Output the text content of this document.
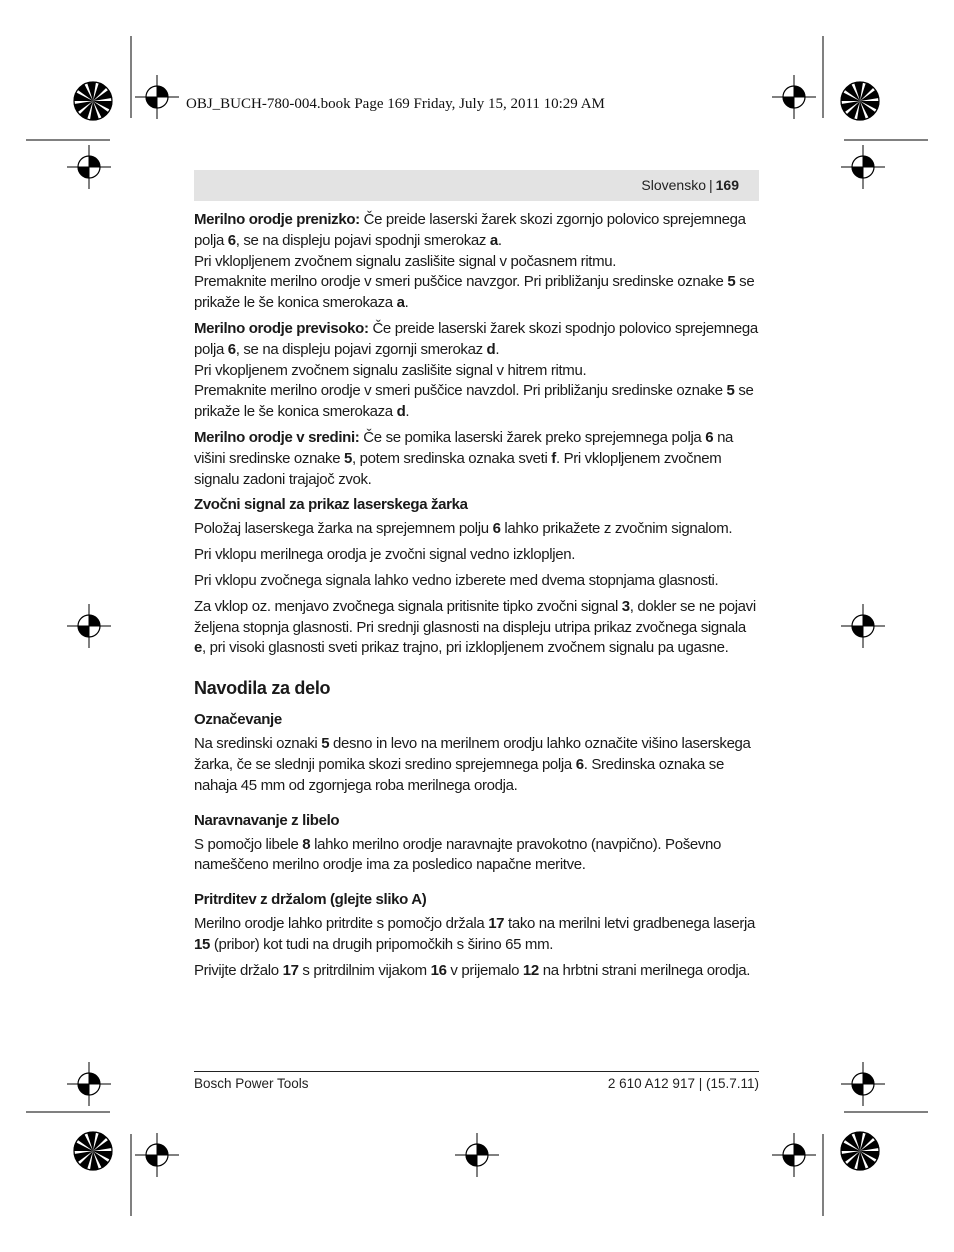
OBJ_BUCH-780-004.book Page 169 Friday, July 15, 2011 10:29 AM
Slovensko | 169

Merilno orodje prenizko: Če preide laserski žarek skozi zgornjo polovico sprejemnega polja 6, se na displeju pojavi spodnji smerokaz a.
Pri vklopljenem zvočnem signalu zaslišite signal v počasnem ritmu.
Premaknite merilno orodje v smeri puščice navzgor. Pri približanju sredinske oznake 5 se prikaže le še konica smerokaza a.

Merilno orodje previsoko: Če preide laserski žarek skozi spodnjo polovico sprejemnega polja 6, se na displeju pojavi zgornji smerokaz d.
Pri vkopljenem zvočnem signalu zaslišite signal v hitrem ritmu.
Premaknite merilno orodje v smeri puščice navzdol. Pri približanju sredinske oznake 5 se prikaže le še konica smerokaza d.

Merilno orodje v sredini: Če se pomika laserski žarek preko sprejemnega polja 6 na višini sredinske oznake 5, potem sredinska oznaka sveti f. Pri vklopljenem zvočnem signalu zadoni trajajoč zvok.

Zvočni signal za prikaz laserskega žarka

Položaj laserskega žarka na sprejemnem polju 6 lahko prikažete z zvočnim signalom.

Pri vklopu merilnega orodja je zvočni signal vedno izklopljen.

Pri vklopu zvočnega signala lahko vedno izberete med dvema stopnjama glasnosti.

Za vklop oz. menjavo zvočnega signala pritisnite tipko zvočni signal 3, dokler se ne pojavi željena stopnja glasnosti. Pri srednji glasnosti na displeju utripa prikaz zvočnega signala e, pri visoki glasnosti sveti prikaz trajno, pri izklopljenem zvočnem signalu pa ugasne.

Navodila za delo
Označevanje

Na sredinski oznaki 5 desno in levo na merilnem orodju lahko označite višino laserskega žarka, če se slednji pomika skozi sredino sprejemnega polja 6. Sredinska oznaka se nahaja 45 mm od zgornjega roba merilnega orodja.

Naravnavanje z libelo

S pomočjo libele 8 lahko merilno orodje naravnajte pravokotno (navpično). Poševno nameščeno merilno orodje ima za posledico napačne meritve.

Pritrditev z držalom (glejte sliko A)

Merilno orodje lahko pritrdite s pomočjo držala 17 tako na merilni letvi gradbenega laserja 15 (pribor) kot tudi na drugih pripomočkih s širino 65 mm.

Privijte držalo 17 s pritrdilnim vijakom 16 v prijemalo 12 na hrbtni strani merilnega orodja.

Bosch Power Tools	2 610 A12 917 | (15.7.11)
